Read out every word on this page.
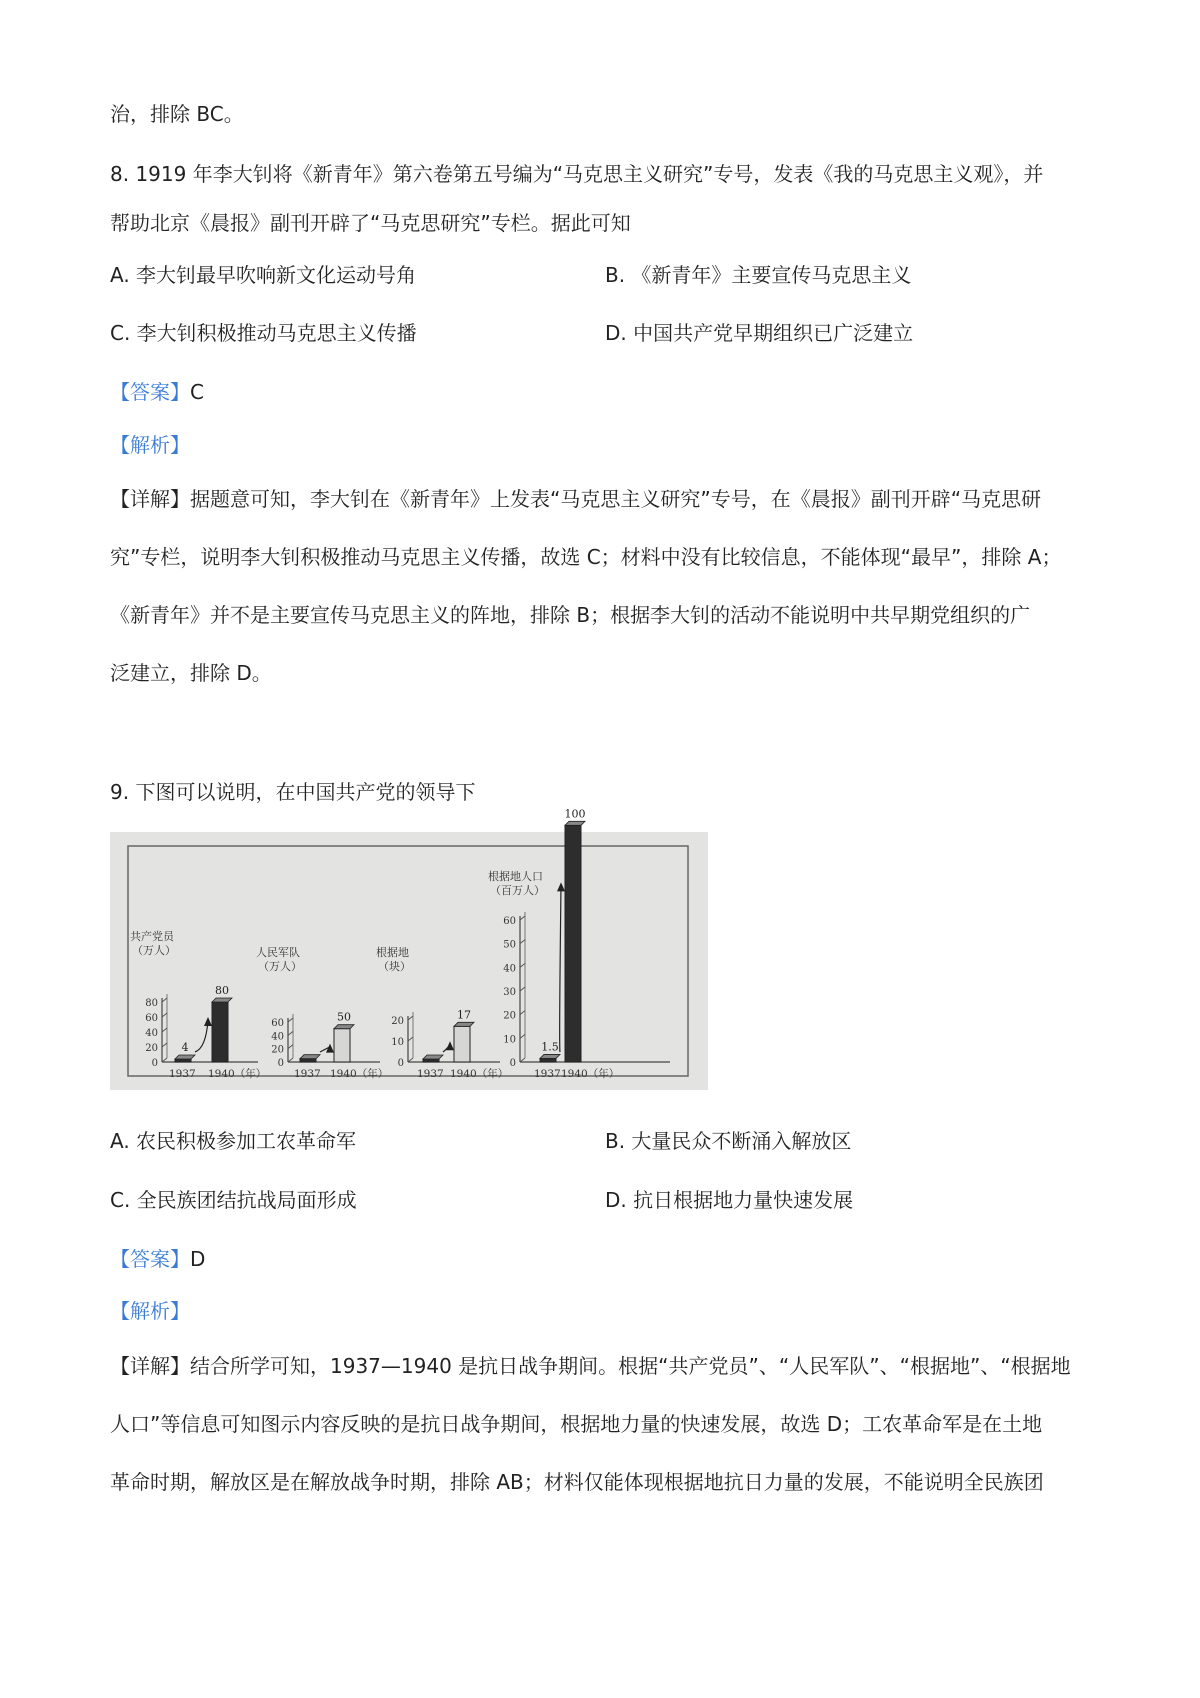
治，排除 BC。
8. 1919 年李大钊将《新青年》第六卷第五号编为“马克思主义研究”专号，发表《我的马克思主义观》，并
帮助北京《晨报》副刊开辟了“马克思研究”专栏。据此可知
A. 李大钊最早吹响新文化运动号角	B. 《新青年》主要宣传马克思主义
C. 李大钊积极推动马克思主义传播	D. 中国共产党早期组织已广泛建立
【答案】C
【解析】
【详解】据题意可知，李大钊在《新青年》上发表“马克思主义研究”专号，在《晨报》副刊开辟“马克思研
究”专栏，说明李大钊积极推动马克思主义传播，故选 C；材料中没有比较信息，不能体现“最早”，排除 A；
《新青年》并不是主要宣传马克思主义的阵地，排除 B；根据李大钊的活动不能说明中共早期党组织的广
泛建立，排除 D。
9. 下图可以说明，在中国共产党的领导下
共产党员
（万人）
0
20
40
60
80
4
1937
80
1940（年）
人民军队
（万人）
0
20
40
60
1937
50
1940（年）
根据地
（块）
0
10
20
1937
17
1940（年）
根据地人口
（百万人）
0
10
20
30
40
50
60
1.5
1937
100
1940（年）
A. 农民积极参加工农革命军	B. 大量民众不断涌入解放区
C. 全民族团结抗战局面形成	D. 抗日根据地力量快速发展
【答案】D
【解析】
【详解】结合所学可知，1937—1940 是抗日战争期间。根据“共产党员”、“人民军队”、“根据地”、“根据地
人口”等信息可知图示内容反映的是抗日战争期间，根据地力量的快速发展，故选 D；工农革命军是在土地
革命时期，解放区是在解放战争时期，排除 AB；材料仅能体现根据地抗日力量的发展，不能说明全民族团
